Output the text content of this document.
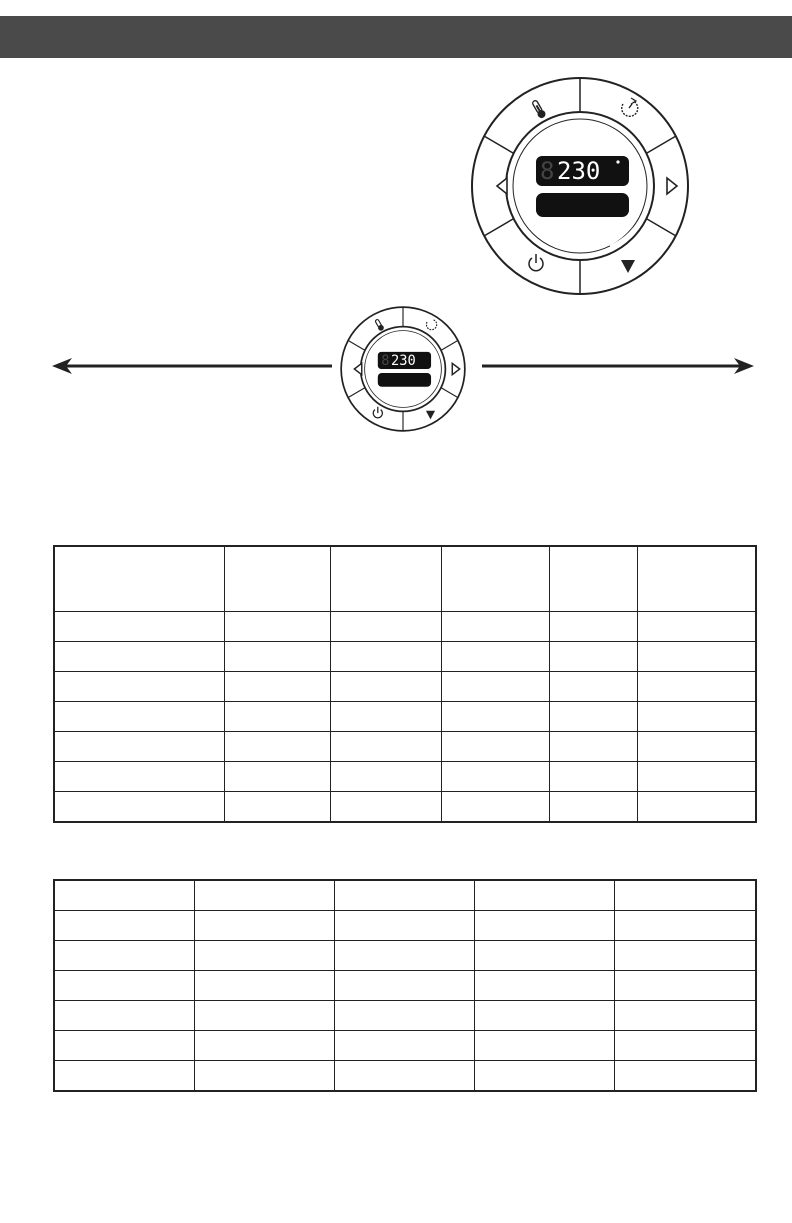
8 230
8 230
